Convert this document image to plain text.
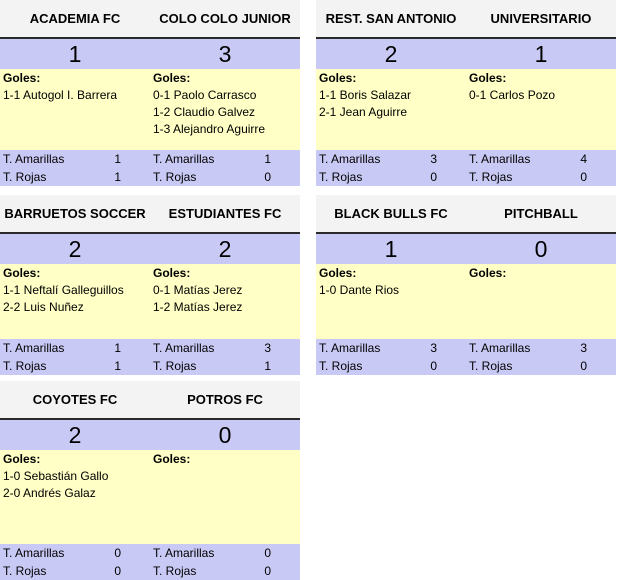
ACADEMIA FC	COLO COLO JUNIOR
1	3
Goles:
1-1 Autogol I. Barrera
Goles:
0-1 Paolo Carrasco
1-2 Claudio Galvez
1-3 Alejandro Aguirre
T. Amarillas	1	T. Amarillas	1
T. Rojas	1	T. Rojas	0
REST. SAN ANTONIO	UNIVERSITARIO
2	1
Goles:
1-1 Boris Salazar
2-1 Jean Aguirre
Goles:
0-1 Carlos Pozo
T. Amarillas	3	T. Amarillas	4
T. Rojas	0	T. Rojas	0
BARRUETOS SOCCER	ESTUDIANTES FC
2	2
Goles:
1-1 Neftalí Galleguillos
2-2 Luis Nuñez
Goles:
0-1 Matías Jerez
1-2 Matías Jerez
T. Amarillas	1	T. Amarillas	3
T. Rojas	1	T. Rojas	1
BLACK BULLS FC	PITCHBALL
1	0
Goles:
1-0 Dante Rios
Goles:
T. Amarillas	3	T. Amarillas	3
T. Rojas	0	T. Rojas	0
COYOTES FC	POTROS FC
2	0
Goles:
1-0 Sebastián Gallo
2-0 Andrés Galaz
Goles:
T. Amarillas	0	T. Amarillas	0
T. Rojas	0	T. Rojas	0
